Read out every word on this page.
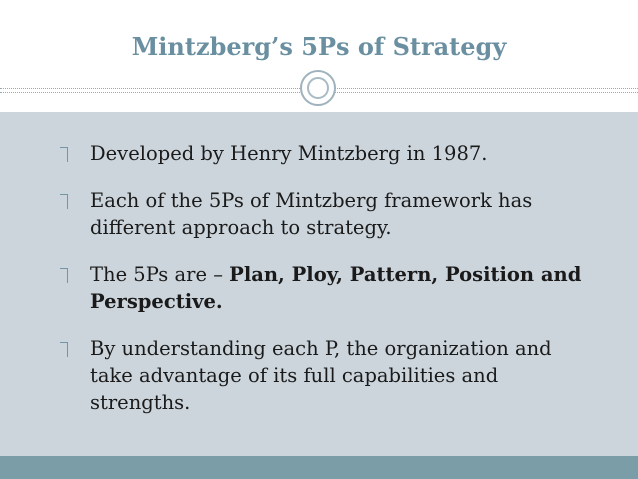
Mintzberg’s 5Ps of Strategy
Developed by Henry Mintzberg in 1987.
Each of the 5Ps of Mintzberg framework has different approach to strategy.
The 5Ps are – Plan, Ploy, Pattern, Position and Perspective.
By understanding each P, the organization and take advantage of its full capabilities and strengths.
